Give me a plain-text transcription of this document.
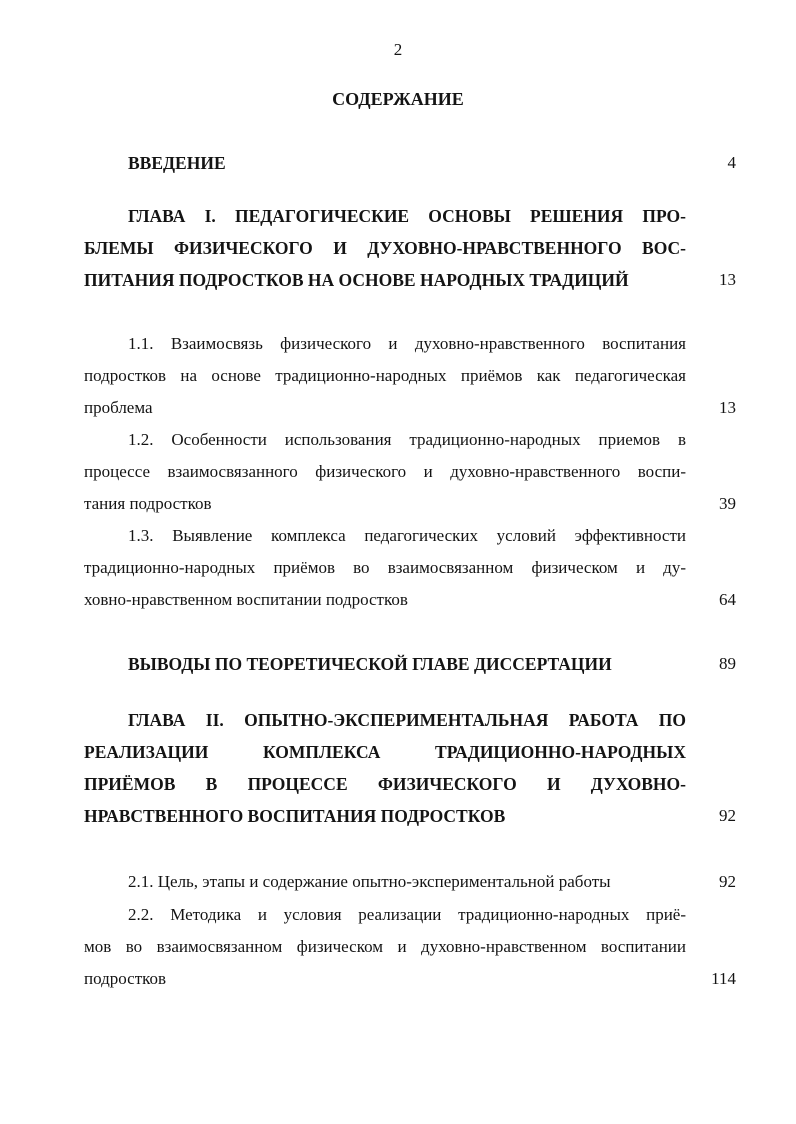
2
СОДЕРЖАНИЕ
ВВЕДЕНИЕ	4
ГЛАВА I. ПЕДАГОГИЧЕСКИЕ ОСНОВЫ РЕШЕНИЯ ПРО-
БЛЕМЫ ФИЗИЧЕСКОГО И ДУХОВНО-НРАВСТВЕННОГО ВОС-
ПИТАНИЯ ПОДРОСТКОВ НА ОСНОВЕ НАРОДНЫХ ТРАДИЦИЙ	13
1.1. Взаимосвязь физического и духовно-нравственного воспитания
подростков на основе традиционно-народных приёмов как педагогическая
проблема	13
1.2. Особенности использования традиционно-народных приемов в
процессе взаимосвязанного физического и духовно-нравственного воспи-
тания подростков	39
1.3. Выявление комплекса педагогических условий эффективности
традиционно-народных приёмов во взаимосвязанном физическом и ду-
ховно-нравственном воспитании подростков	64
ВЫВОДЫ ПО ТЕОРЕТИЧЕСКОЙ ГЛАВЕ ДИССЕРТАЦИИ	89
ГЛАВА II. ОПЫТНО-ЭКСПЕРИМЕНТАЛЬНАЯ РАБОТА ПО
РЕАЛИЗАЦИИ КОМПЛЕКСА ТРАДИЦИОННО-НАРОДНЫХ
ПРИЁМОВ В ПРОЦЕССЕ ФИЗИЧЕСКОГО И ДУХОВНО-
НРАВСТВЕННОГО ВОСПИТАНИЯ ПОДРОСТКОВ	92
2.1. Цель, этапы и содержание опытно-экспериментальной работы	92
2.2. Методика и условия реализации традиционно-народных приё-
мов во взаимосвязанном физическом и духовно-нравственном воспитании
подростков	114
